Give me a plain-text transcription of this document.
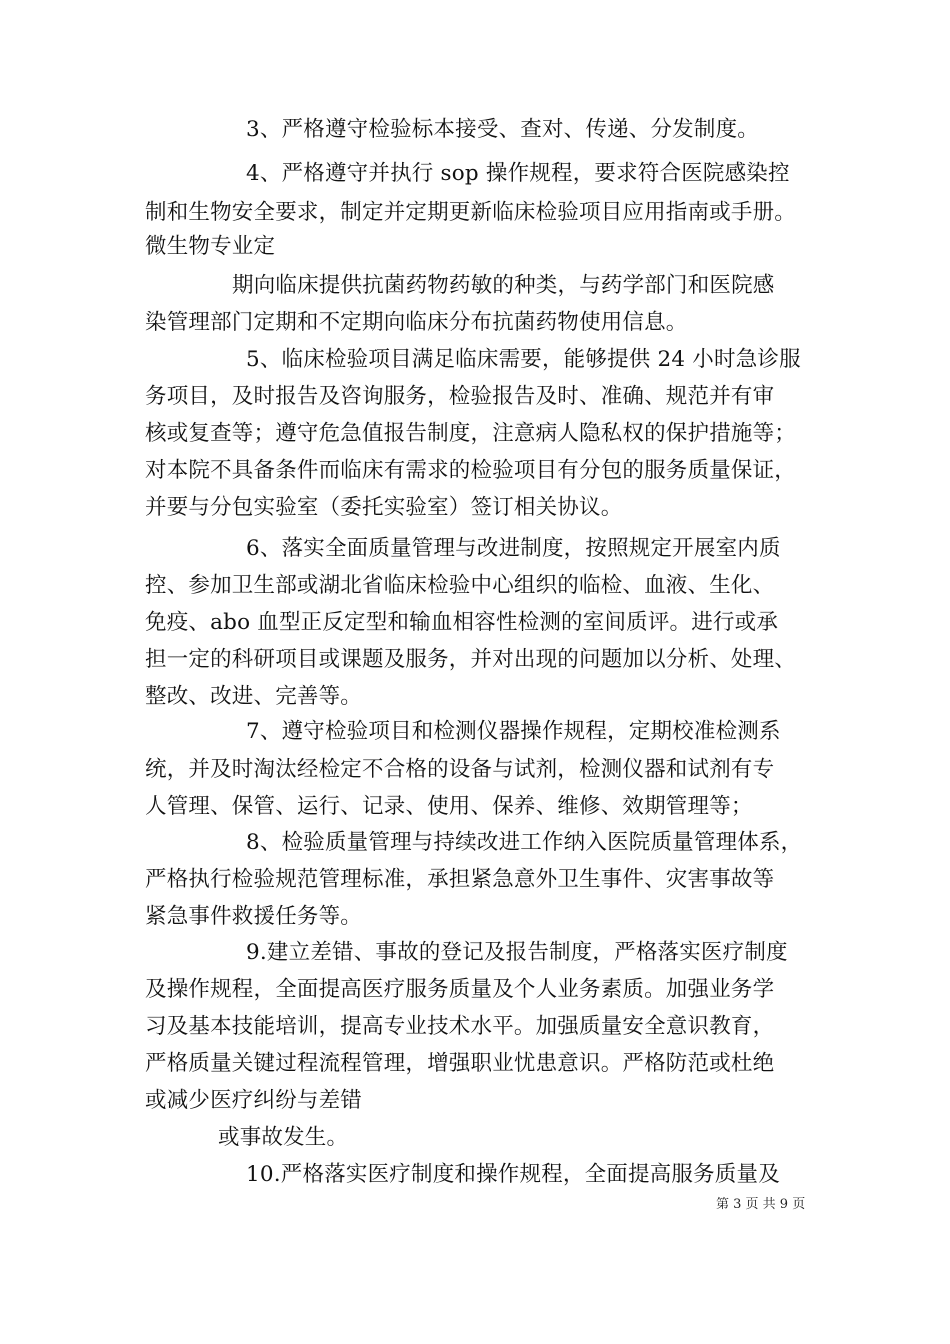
3、严格遵守检验标本接受、查对、传递、分发制度。

4、严格遵守并执行 sop 操作规程，要求符合医院感染控

制和生物安全要求，制定并定期更新临床检验项目应用指南或手册。

微生物专业定

期向临床提供抗菌药物药敏的种类，与药学部门和医院感

染管理部门定期和不定期向临床分布抗菌药物使用信息。

5、临床检验项目满足临床需要，能够提供 24 小时急诊服

务项目，及时报告及咨询服务，检验报告及时、准确、规范并有审

核或复查等；遵守危急值报告制度，注意病人隐私权的保护措施等；

对本院不具备条件而临床有需求的检验项目有分包的服务质量保证，

并要与分包实验室（委托实验室）签订相关协议。

6、落实全面质量管理与改进制度，按照规定开展室内质

控、参加卫生部或湖北省临床检验中心组织的临检、血液、生化、

免疫、abo 血型正反定型和输血相容性检测的室间质评。进行或承

担一定的科研项目或课题及服务，并对出现的问题加以分析、处理、

整改、改进、完善等。

7、遵守检验项目和检测仪器操作规程，定期校准检测系

统，并及时淘汰经检定不合格的设备与试剂，检测仪器和试剂有专

人管理、保管、运行、记录、使用、保养、维修、效期管理等；

8、检验质量管理与持续改进工作纳入医院质量管理体系，

严格执行检验规范管理标准，承担紧急意外卫生事件、灾害事故等

紧急事件救援任务等。

9.建立差错、事故的登记及报告制度，严格落实医疗制度

及操作规程，全面提高医疗服务质量及个人业务素质。加强业务学

习及基本技能培训，提高专业技术水平。加强质量安全意识教育，

严格质量关键过程流程管理，增强职业忧患意识。严格防范或杜绝

或减少医疗纠纷与差错

或事故发生。

10.严格落实医疗制度和操作规程，全面提高服务质量及

第 3 页 共 9 页
